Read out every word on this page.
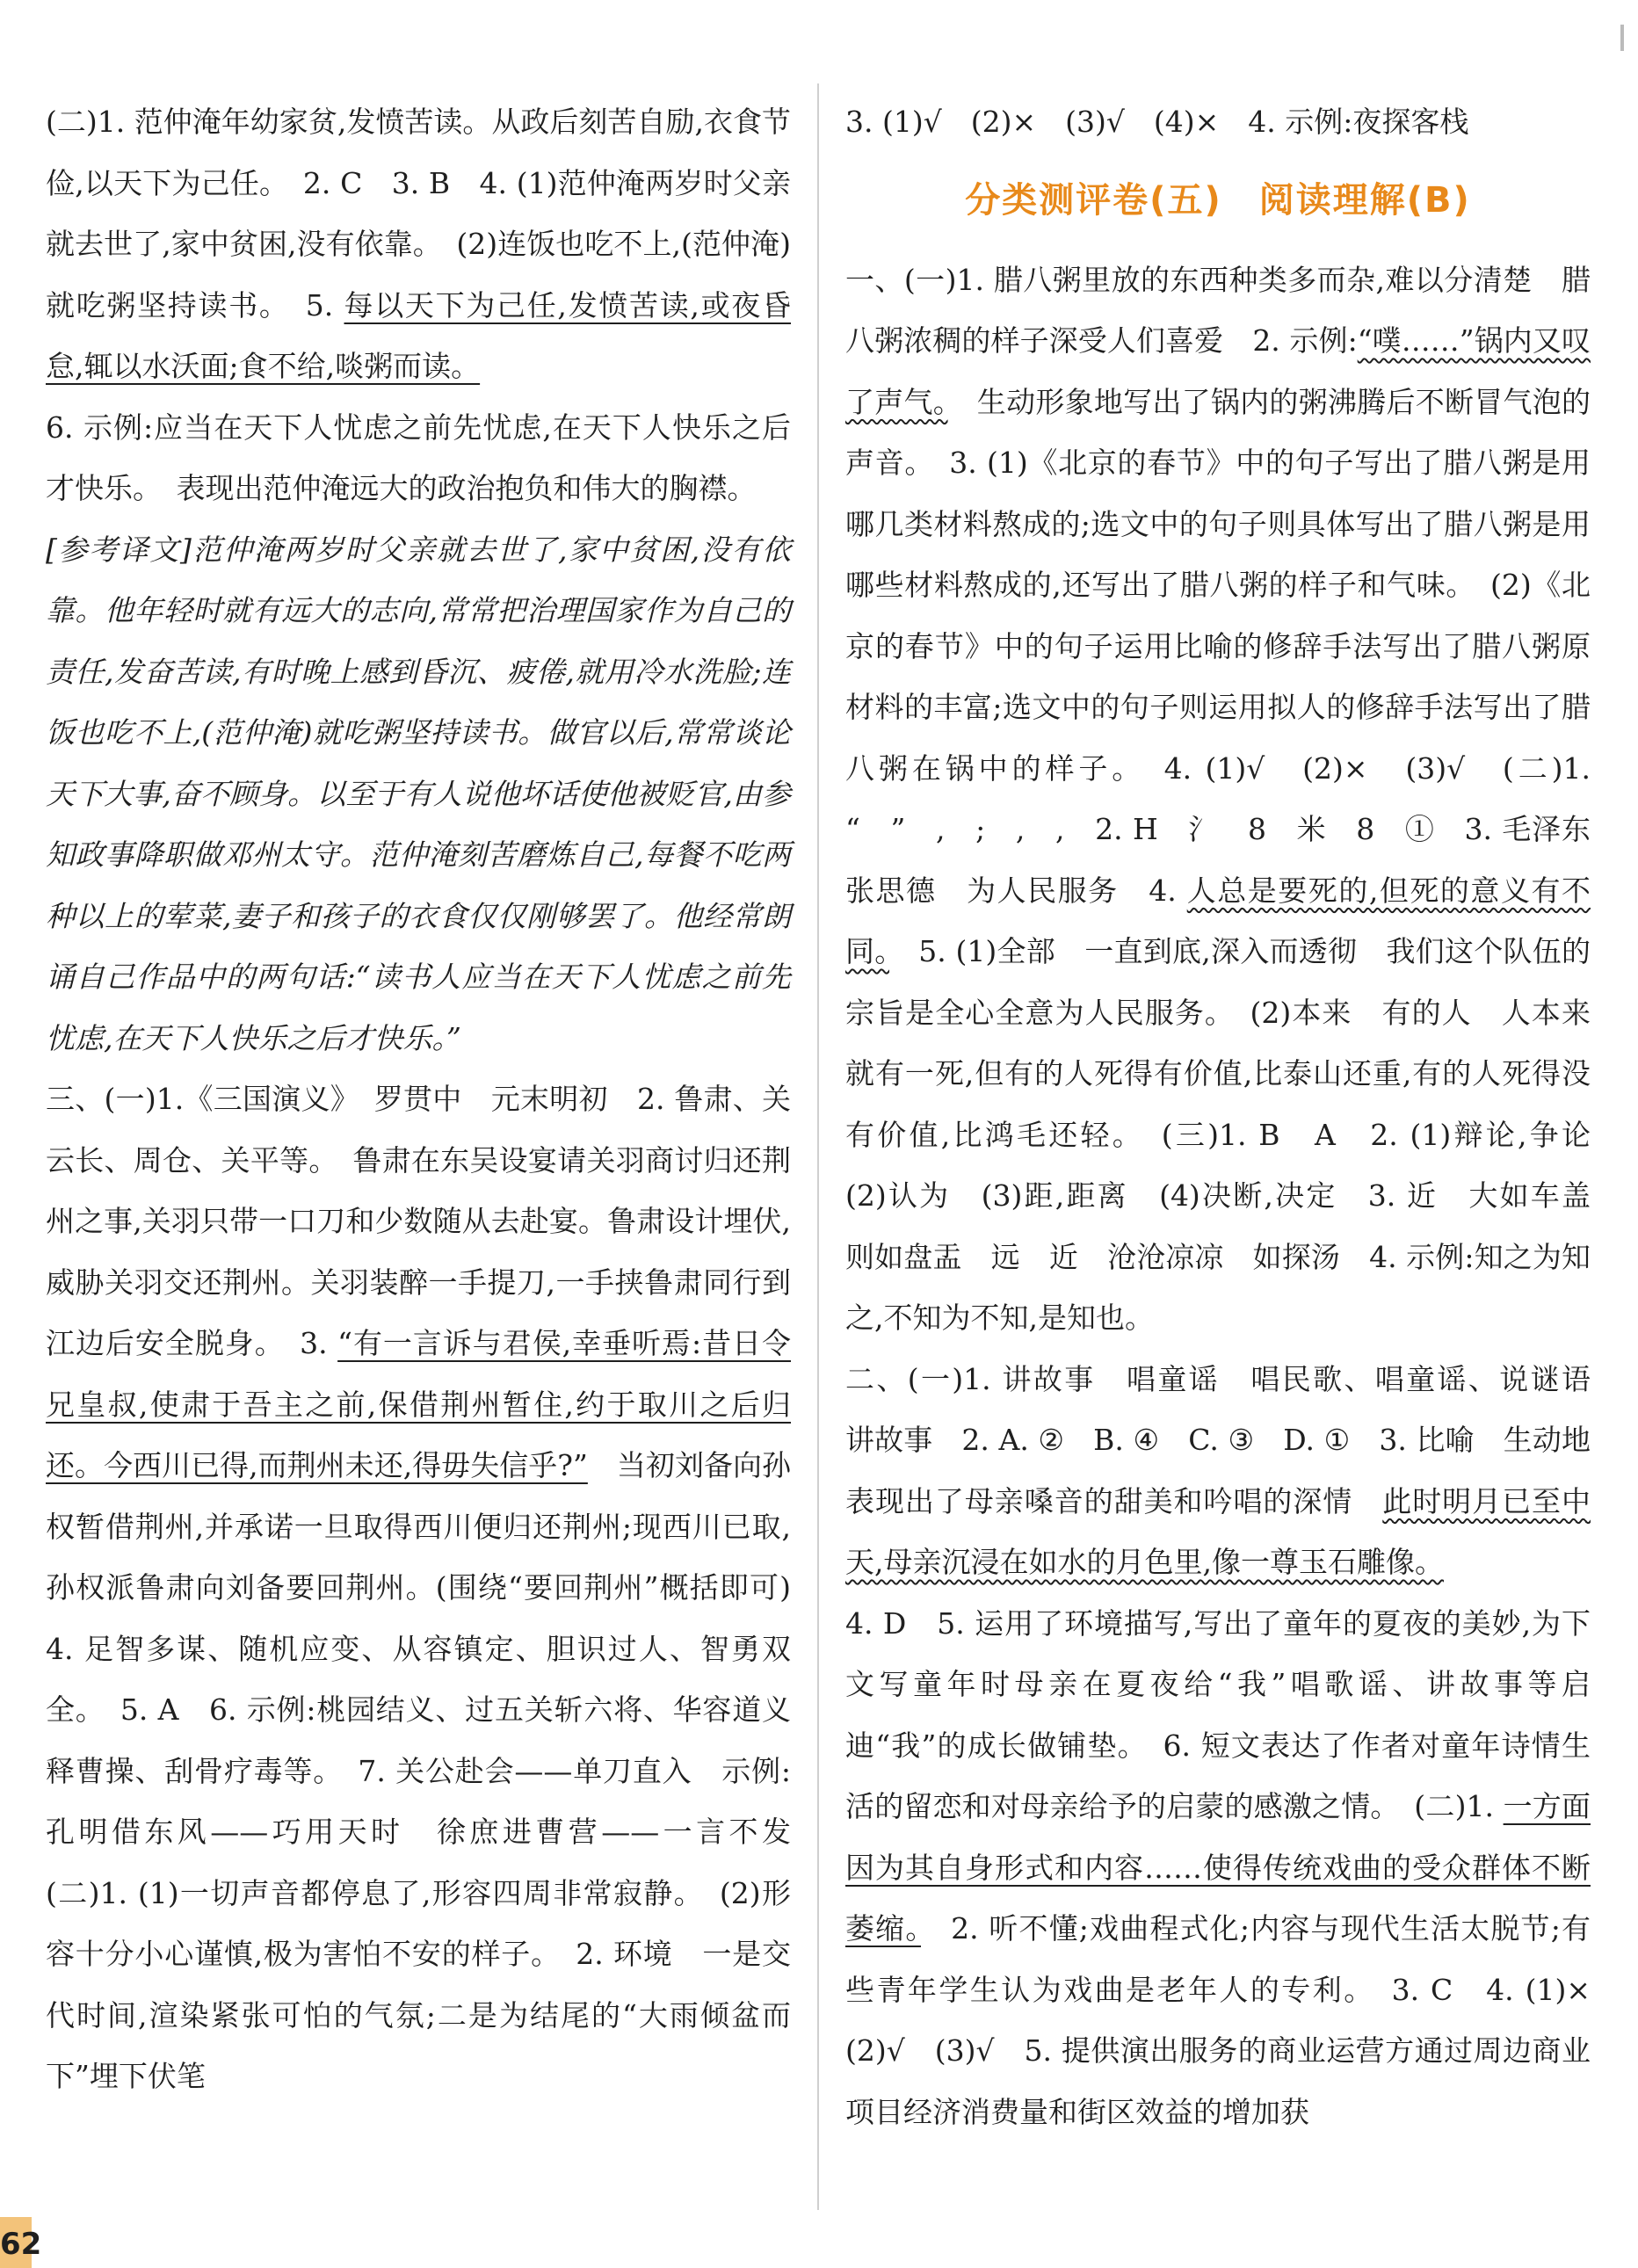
(二)1. 范仲淹年幼家贫,发愤苦读。从政后刻苦自励,衣食节俭,以天下为己任。　2. C　3. B　4. (1)范仲淹两岁时父亲就去世了,家中贫困,没有依靠。　(2)连饭也吃不上,(范仲淹)就吃粥坚持读书。　5. 每以天下为己任,发愤苦读,或夜昏怠,辄以水沃面;食不给,啖粥而读。

6. 示例:应当在天下人忧虑之前先忧虑,在天下人快乐之后才快乐。　表现出范仲淹远大的政治抱负和伟大的胸襟。

[参考译文]范仲淹两岁时父亲就去世了,家中贫困,没有依靠。他年轻时就有远大的志向,常常把治理国家作为自己的责任,发奋苦读,有时晚上感到昏沉、疲倦,就用冷水洗脸;连饭也吃不上,(范仲淹)就吃粥坚持读书。做官以后,常常谈论天下大事,奋不顾身。以至于有人说他坏话使他被贬官,由参知政事降职做邓州太守。范仲淹刻苦磨炼自己,每餐不吃两种以上的荤菜,妻子和孩子的衣食仅仅刚够罢了。他经常朗诵自己作品中的两句话:“读书人应当在天下人忧虑之前先忧虑,在天下人快乐之后才快乐。”

三、(一)1.《三国演义》　罗贯中　元末明初　2. 鲁肃、关云长、周仓、关平等。　鲁肃在东吴设宴请关羽商讨归还荆州之事,关羽只带一口刀和少数随从去赴宴。鲁肃设计埋伏,威胁关羽交还荆州。关羽装醉一手提刀,一手挟鲁肃同行到江边后安全脱身。　3. “有一言诉与君侯,幸垂听焉:昔日令兄皇叔,使肃于吾主之前,保借荆州暂住,约于取川之后归还。今西川已得,而荆州未还,得毋失信乎?”　当初刘备向孙权暂借荆州,并承诺一旦取得西川便归还荆州;现西川已取,孙权派鲁肃向刘备要回荆州。(围绕“要回荆州”概括即可)　4. 足智多谋、随机应变、从容镇定、胆识过人、智勇双全。　5. A　6. 示例:桃园结义、过五关斩六将、华容道义释曹操、刮骨疗毒等。　7. 关公赴会——单刀直入　示例:孔明借东风——巧用天时　徐庶进曹营——一言不发　(二)1. (1)一切声音都停息了,形容四周非常寂静。　(2)形容十分小心谨慎,极为害怕不安的样子。　2. 环境　一是交代时间,渲染紧张可怕的气氛;二是为结尾的“大雨倾盆而下”埋下伏笔

3. (1)√　(2)×　(3)√　(4)×　4. 示例:夜探客栈

分类测评卷(五)　阅读理解(B)

一、(一)1. 腊八粥里放的东西种类多而杂,难以分清楚　腊八粥浓稠的样子深受人们喜爱　2. 示例:“噗……”锅内又叹了声气。　生动形象地写出了锅内的粥沸腾后不断冒气泡的声音。　3. (1)《北京的春节》中的句子写出了腊八粥是用哪几类材料熬成的;选文中的句子则具体写出了腊八粥是用哪些材料熬成的,还写出了腊八粥的样子和气味。　(2)《北京的春节》中的句子运用比喻的修辞手法写出了腊八粥原材料的丰富;选文中的句子则运用拟人的修辞手法写出了腊八粥在锅中的样子。　4. (1)√　(2)×　(3)√　(二)1. “　”　,　;　,　,　2. H　氵　8　米　8　①　3. 毛泽东　张思德　为人民服务　4. 人总是要死的,但死的意义有不同。　5. (1)全部　一直到底,深入而透彻　我们这个队伍的宗旨是全心全意为人民服务。　(2)本来　有的人　人本来就有一死,但有的人死得有价值,比泰山还重,有的人死得没有价值,比鸿毛还轻。　(三)1. B　A　2. (1)辩论,争论　(2)认为　(3)距,距离　(4)决断,决定　3. 近　大如车盖　则如盘盂　远　近　沧沧凉凉　如探汤　4. 示例:知之为知之,不知为不知,是知也。

二、(一)1. 讲故事　唱童谣　唱民歌、唱童谣、说谜语　讲故事　2. A. ②　B. ④　C. ③　D. ①　3. 比喻　生动地表现出了母亲嗓音的甜美和吟唱的深情　此时明月已至中天,母亲沉浸在如水的月色里,像一尊玉石雕像。

4. D　5. 运用了环境描写,写出了童年的夏夜的美妙,为下文写童年时母亲在夏夜给“我”唱歌谣、讲故事等启迪“我”的成长做铺垫。　6. 短文表达了作者对童年诗情生活的留恋和对母亲给予的启蒙的感激之情。　(二)1. 一方面因为其自身形式和内容……使得传统戏曲的受众群体不断萎缩。　2. 听不懂;戏曲程式化;内容与现代生活太脱节;有些青年学生认为戏曲是老年人的专利。　3. C　4. (1)×　(2)√　(3)√　5. 提供演出服务的商业运营方通过周边商业项目经济消费量和街区效益的增加获

62
